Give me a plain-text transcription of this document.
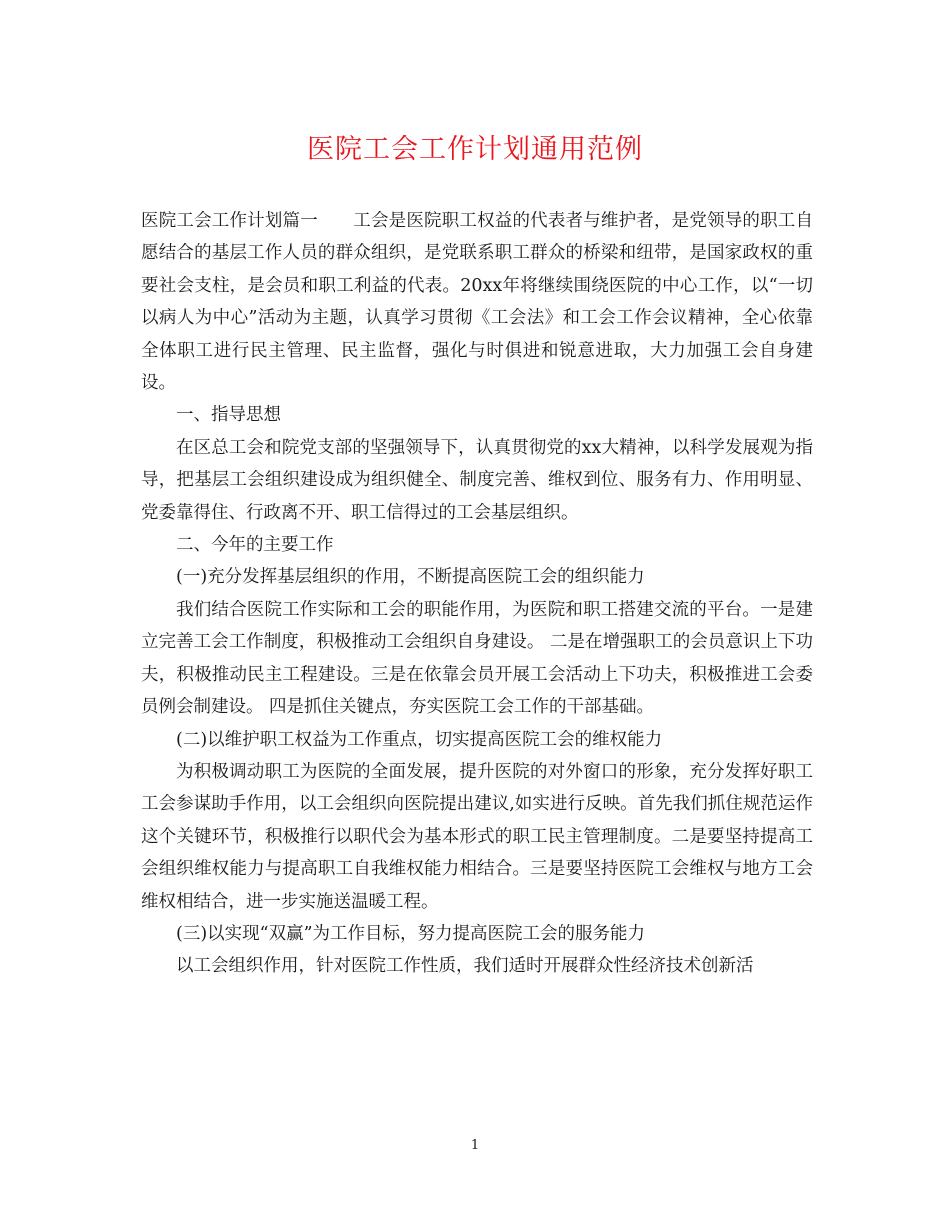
医院工会工作计划通用范例

医院工会工作计划篇一　　工会是医院职工权益的代表者与维护者，是党领导的职工自愿结合的基层工作人员的群众组织，是党联系职工群众的桥梁和纽带，是国家政权的重要社会支柱，是会员和职工利益的代表。20xx年将继续围绕医院的中心工作，以“一切以病人为中心”活动为主题，认真学习贯彻《工会法》和工会工作会议精神，全心依靠全体职工进行民主管理、民主监督，强化与时俱进和锐意进取，大力加强工会自身建设。

一、指导思想

在区总工会和院党支部的坚强领导下，认真贯彻党的xx大精神，以科学发展观为指导，把基层工会组织建设成为组织健全、制度完善、维权到位、服务有力、作用明显、党委靠得住、行政离不开、职工信得过的工会基层组织。

二、今年的主要工作

(一)充分发挥基层组织的作用，不断提高医院工会的组织能力

我们结合医院工作实际和工会的职能作用，为医院和职工搭建交流的平台。一是建立完善工会工作制度，积极推动工会组织自身建设。 二是在增强职工的会员意识上下功夫，积极推动民主工程建设。三是在依靠会员开展工会活动上下功夫，积极推进工会委员例会制建设。 四是抓住关键点，夯实医院工会工作的干部基础。

(二)以维护职工权益为工作重点，切实提高医院工会的维权能力

为积极调动职工为医院的全面发展，提升医院的对外窗口的形象，充分发挥好职工工会参谋助手作用，以工会组织向医院提出建议,如实进行反映。首先我们抓住规范运作这个关键环节，积极推行以职代会为基本形式的职工民主管理制度。二是要坚持提高工会组织维权能力与提高职工自我维权能力相结合。三是要坚持医院工会维权与地方工会维权相结合，进一步实施送温暖工程。

(三)以实现“双赢”为工作目标，努力提高医院工会的服务能力

以工会组织作用，针对医院工作性质，我们适时开展群众性经济技术创新活

1
